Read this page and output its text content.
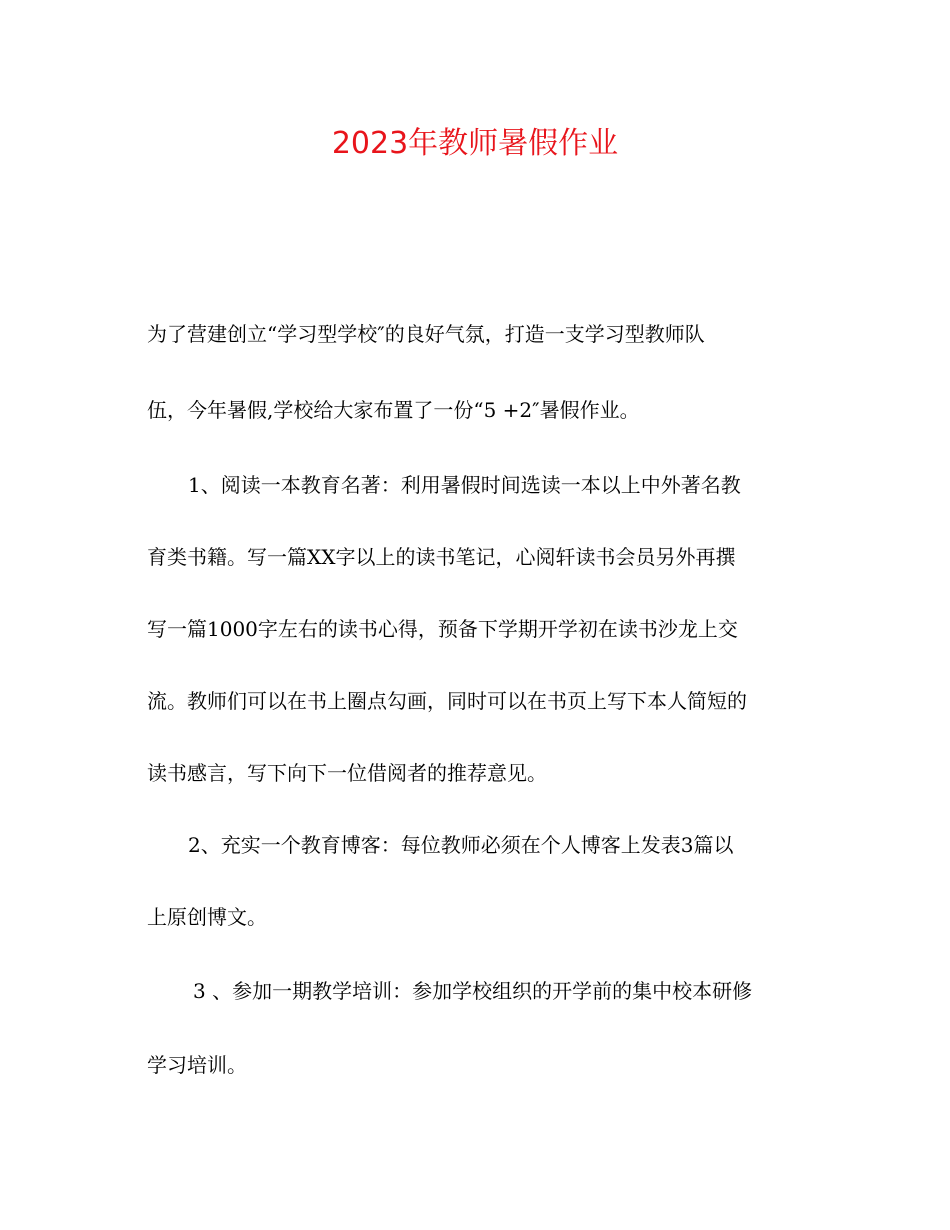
2023年教师暑假作业

为了营建创立“学习型学校″的良好气氛，打造一支学习型教师队

伍，今年暑假,学校给大家布置了一份“5 +2″暑假作业。

1、阅读一本教育名著：利用暑假时间选读一本以上中外著名教

育类书籍。写一篇XX字以上的读书笔记，心阅轩读书会员另外再撰

写一篇1000字左右的读书心得，预备下学期开学初在读书沙龙上交

流。教师们可以在书上圈点勾画，同时可以在书页上写下本人简短的

读书感言，写下向下一位借阅者的推荐意见。

2、充实一个教育博客：每位教师必须在个人博客上发表3篇以

上原创博文。

3 、参加一期教学培训：参加学校组织的开学前的集中校本研修

学习培训。
